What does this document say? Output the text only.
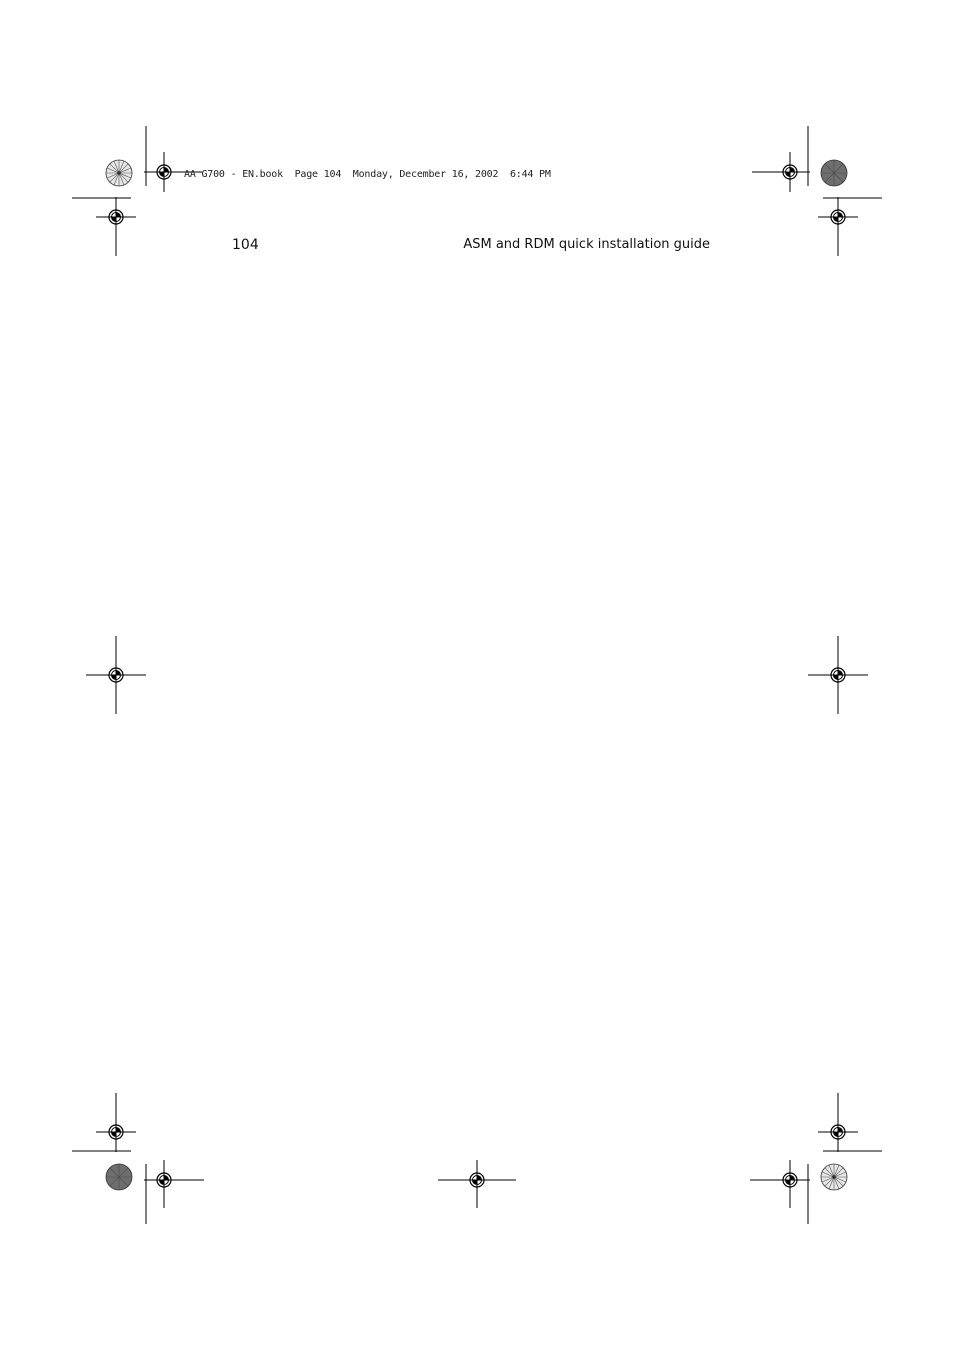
AA G700 - EN.book  Page 104  Monday, December 16, 2002  6:44 PM
104	ASM and RDM quick installation guide
